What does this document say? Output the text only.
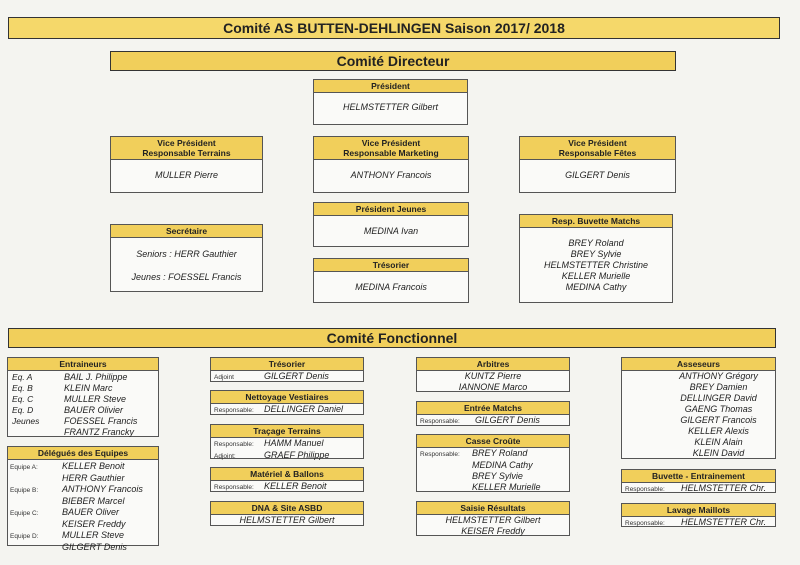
Comité AS BUTTEN-DEHLINGEN Saison 2017/ 2018
Comité Directeur
Président
HELMSTETTER Gilbert
Vice Président
Responsable Terrains
MULLER Pierre
Vice Président
Responsable Marketing
ANTHONY Francois
Vice Président
Responsable Fêtes
GILGERT Denis
Secrétaire
Seniors : HERR Gauthier
Jeunes : FOESSEL Francis
Président Jeunes
MEDINA Ivan
Trésorier
MEDINA Francois
Resp. Buvette Matchs
BREY Roland
BREY Sylvie
HELMSTETTER Christine
KELLER Murielle
MEDINA Cathy
Comité Fonctionnel
Entraineurs
Eq. A	BAIL J. Philippe
Eq. B	KLEIN Marc
Eq. C	MULLER Steve
Eq. D	BAUER Olivier
Jeunes	FOESSEL Francis
FRANTZ Francky
Délégués des Equipes
Equipe A:	KELLER Benoit
HERR Gauthier
Equipe B:	ANTHONY Francois
BIEBER Marcel
Equipe C:	BAUER Oliver
KEISER Freddy
Equipe D:	MULLER Steve
GILGERT Denis
Trésorier
Adjoint	GILGERT Denis
Nettoyage Vestiaires
Responsable:	DELLINGER Daniel
Traçage Terrains
Responsable:	HAMM Manuel
Adjoint:	GRAEF Philippe
Matériel & Ballons
Responsable:	KELLER Benoit
DNA & Site ASBD
HELMSTETTER Gilbert
Arbitres
KUNTZ Pierre
IANNONE Marco
Entrée Matchs
Responsable:	GILGERT Denis
Casse Croûte
Responsable:	BREY Roland
MEDINA Cathy
BREY Sylvie
KELLER Murielle
Saisie Résultats
HELMSTETTER Gilbert
KEISER Freddy
Asseseurs
ANTHONY Grégory
BREY Damien
DELLINGER David
GAENG Thomas
GILGERT Francois
KELLER Alexis
KLEIN Alain
KLEIN David
Buvette - Entrainement
Responsable:	HELMSTETTER Chr.
Lavage Maillots
Responsable:	HELMSTETTER Chr.
